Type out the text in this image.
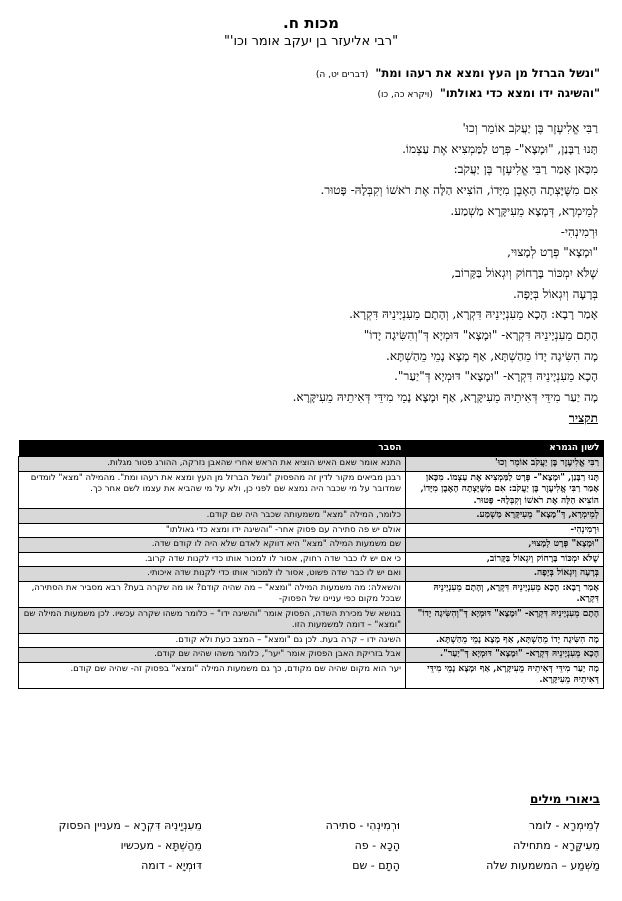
מכות ח.
"רבי אליעזר בן יעקב אומר וכו'"
"ונשל הברזל מן העץ ומצא את רעהו ומת" (דברים יט, ה)
"והשיגה ידו ומצא כדי גאולתו" (ויקרא כה, כו)
רַבִּי אֱלִיעֶזֶר בֶּן יַעֲקֹב אוֹמֵר וְכוּ'
תָּנוּ רַבָּנַן, "וּמָצָא"- פְּרָט לַמַּמְצִיא אֶת עַצְמוֹ.
מִכָּאן אָמַר רַבִּי אֱלִיעֶזֶר בֶּן יַעֲקֹב:
אִם מִשֶּׁיָּצְתָה הָאֶבֶן מִיָּדוֹ, הוֹצִיא הַלָּה אֶת רֹאשׁוֹ וְקִבְּלָהּ- פָּטוּר.
לְמֵימְרָא, דְּמָצָא מֵעִיקָּרָא מַשְׁמַע.
וּרְמִינְהִי-
"וּמָצָא" פְּרָט לְמָצוּי,
שֶׁלֹּא יִמְכּוֹר בָּרָחוֹק וְיִגְאוֹל בַּקָּרוֹב,
בְּרָעָה וְיִגְאוֹל בְּיָפָה.
אָמַר רָבָא: הָכָא מֵעִנְיָינֵיהּ דִּקְרָא, וְהָתָם מֵעִנְיָינֵיהּ דִּקְרָא.
הָתָם מֵעִנְיָינֵיהּ דִּקְרָא- "וּמָצָא" דּוּמְיָא דְּ"וְהִשִּׂיגָה יָדוֹ"
מָה הִשִּׂיגָה יָדוֹ מֵהַשְׁתָּא, אַף מָצָא נָמֵי מֵהַשְׁתָּא.
הָכָא מֵעִנְיָינֵיהּ דִּקְרָא- "וּמָצָא" דּוּמְיָא דְּ"יַעַר".
מָה יַעַר מִידֵּי דְּאִיתֵיהּ מֵעִיקָּרָא, אַף וּמָצָא נָמֵי מִידֵּי דְּאִיתֵיהּ מֵעִיקָּרָא.
תקציר
לשון הגמרא	הסבר
רַבִּי אֱלִיעֶזֶר בֶּן יַעֲקֹב אוֹמֵר וְכוּ'	התנא אומר שאם האיש הוציא את הראש אחרי שהאבן נזרקה, ההורג פטור מגלות.
תָּנוּ רַבָּנַן, "וּמָצָא"- פְּרָט לַמַּמְצִיא אֶת עַצְמוֹ. מִכָּאן אָמַר רַבִּי אֱלִיעֶזֶר בֶּן יַעֲקֹב: אִם מִשֶּׁיָּצְתָה הָאֶבֶן מִיָּדוֹ, הוֹצִיא הַלָּה אֶת רֹאשׁוֹ וְקִבְּלָהּ- פָּטוּר.	רבנן מביאים מקור לדין זה מהפסוק "ונשל הברזל מן העץ ומצא את רעהו ומת". מהמילה "מצא" לומדים שמדובר על מי שכבר היה נמצא שם לפני כן, ולא על מי שהביא את עצמו לשם אחר כך.
לְמֵימְרָא, דְּ"מָצָא" מֵעִיקָּרָא מַשְׁמַע.	כלומר, המילה "מצא" משמעותה שכבר היה שם קודם.
וּרְמִינְהִי-	אולם יש פה סתירה עם פסוק אחר- "והשיגה ידו ומצא כדי גאולתו"
"וּמָצָא" פְּרָט לְמָצוּי,	שם משמעות המילה "מצא" היא דווקא לאדם שלא היה לו קודם שדה.
שֶׁלֹּא יִמְכּוֹר בָּרָחוֹק וְיִגְאוֹל בַּקָּרוֹב,	כי אם יש לו כבר שדה רחוק, אסור לו למכור אותו כדי לקנות שדה קרוב.
בְּרָעָה וְיִגְאוֹל בְּיָפָה.	ואם יש לו כבר שדה פשוט, אסור לו למכור אותו כדי לקנות שדה איכותי.
אָמַר רָבָא: הָכָא מֵעִנְיָינֵיהּ דִּקְרָא, וְהָתָם מֵעִנְיָינֵיהּ דִּקְרָא.	והשאלה: מה משמעות המילה "ומצא" – מה שהיה קודם? או מה שקרה בעת? רבא מסביר את הסתירה, שבכל מקום כפי עניינו של הפסוק-
הָתָם מֵעִנְיָינֵיהּ דִּקְרָא- "וּמָצָא" דּוּמְיָא דְּ"וְהִשִּׂיגָה יָדוֹ"	בנושא של מכירת השדה, הפסוק אומר "והשיגה ידו" – כלומר משהו שקרה עכשיו. לכן משמעות המילה שם "ומצא" – דומה למשמעות הזו.
מָה הִשִּׂיגָה יָדוֹ מֵהַשְׁתָּא, אַף מָצָא נָמֵי מֵהַשְׁתָּא.	השיגה ידו – קרה בעת. לכן גם "ומצא" – המצב כעת ולא קודם.
הָכָא מֵעִנְיָינֵיהּ דִּקְרָא- "וּמָצָא" דּוּמְיָא דְּ"יַעַר".	אבל בזריקת האבן הפסוק אומר "יער", כלומר משהו שהיה שם קודם.
מָה יַעַר מִידֵּי דְּאִיתֵיהּ מֵעִיקָּרָא, אַף וּמָצָא נָמֵי מִידֵּי דְּאִיתֵיהּ מֵעִיקָּרָא.	יער הוא מקום שהיה שם מקודם, כך גם משמעות המילה "ומצא" בפסוק זה- שהיה שם קודם.
ביאורי מילים
לְמֵימְרָא - לומר
מֵעִיקָּרָא - מתחילה
מַשְׁמַע – המשמעות שלה
וּרְמִינְהִי - סתירה
הָכָא - פה
הָתָם - שם
מֵעִנְיָינֵיהּ דִּקְרָא – מעניין הפסוק
מֵהַשְׁתָּא - מעכשיו
דּוּמְיָא - דומה
